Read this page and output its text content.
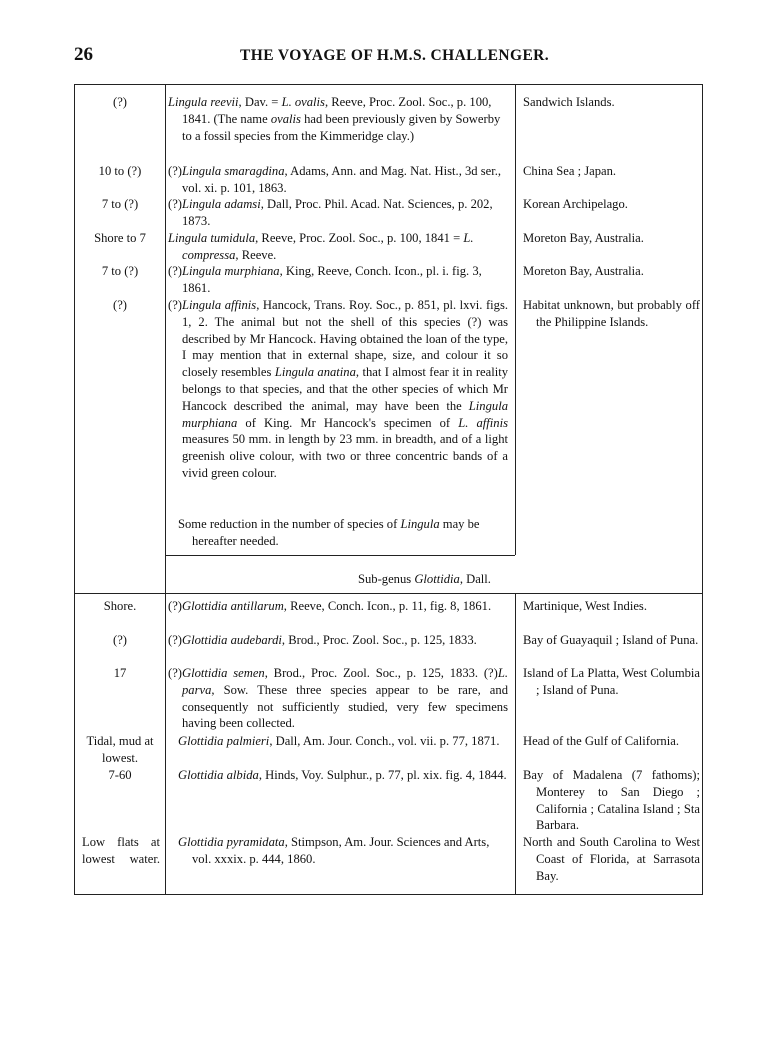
26	THE VOYAGE OF H.M.S. CHALLENGER.
(?)
10 to (?)
7 to (?)
Shore to 7
7 to (?)
(?)
Shore.
(?)
17
Tidal, mud at lowest.
7-60
Low flats at lowest water.

Lingula reevii, Dav. = L. ovalis, Reeve, Proc. Zool. Soc., p. 100, 1841. (The name ovalis had been previously given by Sowerby to a fossil species from the Kimmeridge clay.)

(?)Lingula smaragdina, Adams, Ann. and Mag. Nat. Hist., 3d ser., vol. xi. p. 101, 1863.

(?)Lingula adamsi, Dall, Proc. Phil. Acad. Nat. Sciences, p. 202, 1873.

Lingula tumidula, Reeve, Proc. Zool. Soc., p. 100, 1841 = L. compressa, Reeve.

(?)Lingula murphiana, King, Reeve, Conch. Icon., pl. i. fig. 3, 1861.

(?)Lingula affinis, Hancock, Trans. Roy. Soc., p. 851, pl. lxvi. figs. 1, 2. The animal but not the shell of this species (?) was described by Mr Hancock. Having obtained the loan of the type, I may mention that in external shape, size, and colour it so closely resembles Lingula anatina, that I almost fear it in reality belongs to that species, and that the other species of which Mr Hancock described the animal, may have been the Lingula murphiana of King. Mr Hancock's specimen of L. affinis measures 50 mm. in length by 23 mm. in breadth, and of a light greenish olive colour, with two or three concentric bands of a vivid green colour.

Some reduction in the number of species of Lingula may be hereafter needed.

Sub-genus Glottidia, Dall.

(?)Glottidia antillarum, Reeve, Conch. Icon., p. 11, fig. 8, 1861.

(?)Glottidia audebardi, Brod., Proc. Zool. Soc., p. 125, 1833.

(?)Glottidia semen, Brod., Proc. Zool. Soc., p. 125, 1833. (?)L. parva, Sow. These three species appear to be rare, and consequently not sufficiently studied, very few specimens having been collected.

Glottidia palmieri, Dall, Am. Jour. Conch., vol. vii. p. 77, 1871.

Glottidia albida, Hinds, Voy. Sulphur., p. 77, pl. xix. fig. 4, 1844.

Glottidia pyramidata, Stimpson, Am. Jour. Sciences and Arts, vol. xxxix. p. 444, 1860.

Sandwich Islands.

China Sea ; Japan.

Korean Archipelago.

Moreton Bay, Australia.

Moreton Bay, Australia.

Habitat unknown, but probably off the Philippine Islands.

Martinique, West Indies.

Bay of Guayaquil ; Island of Puna.

Island of La Platta, West Columbia ; Island of Puna.

Head of the Gulf of California.

Bay of Madalena (7 fathoms); Monterey to San Diego ; California ; Catalina Island ; Sta Barbara.

North and South Carolina to West Coast of Florida, at Sarrasota Bay.
